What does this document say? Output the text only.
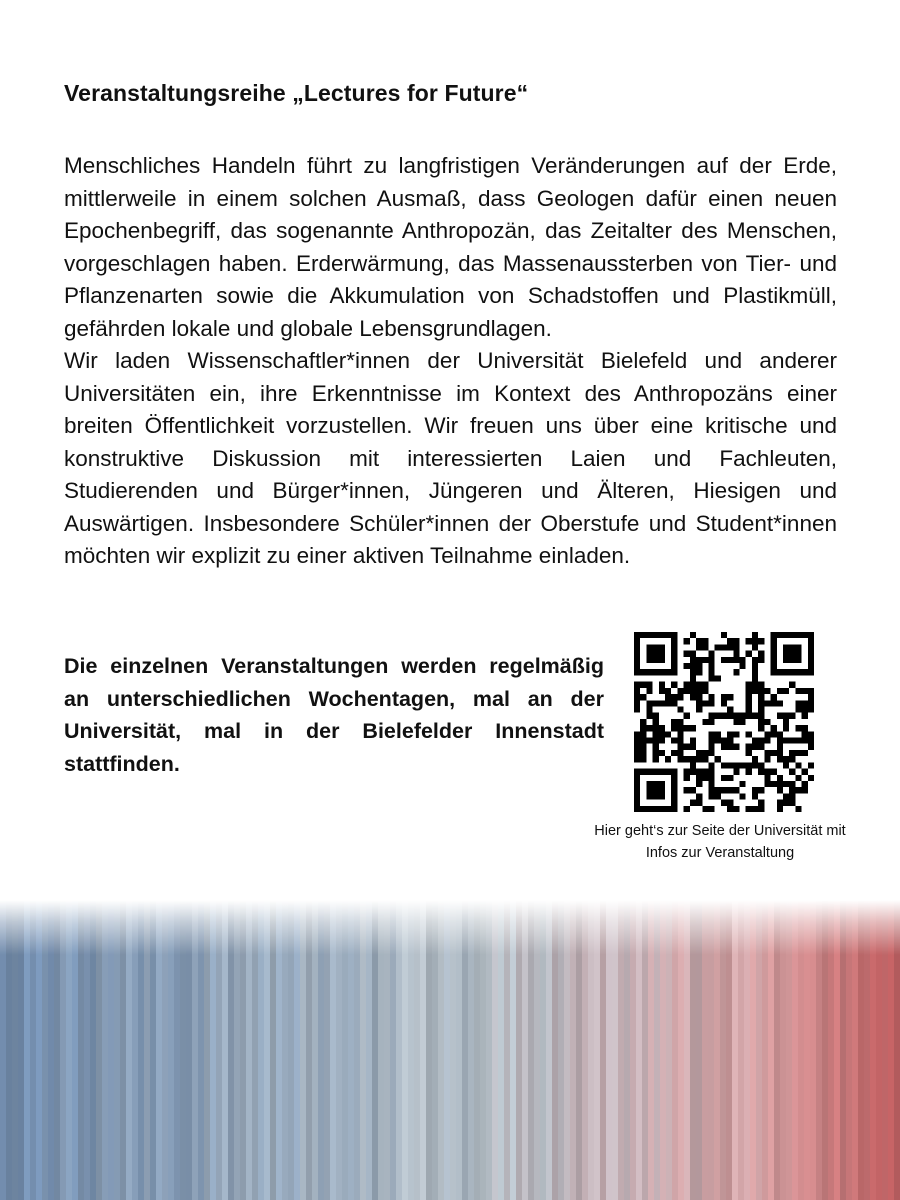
Veranstaltungsreihe „Lectures for Future“

Menschliches Handeln führt zu langfristigen Veränderungen auf der Erde, mittlerweile in einem solchen Ausmaß, dass Geologen dafür einen neuen Epochenbegriff, das sogenannte Anthropozän, das Zeitalter des Menschen, vorgeschlagen haben. Erderwärmung, das Massenaussterben von Tier- und Pflanzenarten sowie die Akkumulation von Schadstoffen und Plastikmüll, gefährden lokale und globale Lebensgrundlagen.

Wir laden Wissenschaftler*innen der Universität Bielefeld und anderer Universitäten ein, ihre Erkenntnisse im Kontext des Anthropozäns einer breiten Öffentlichkeit vorzustellen. Wir freuen uns über eine kritische und konstruktive Diskussion mit interessierten Laien und Fachleuten, Studierenden und Bürger*innen, Jüngeren und Älteren, Hiesigen und Auswärtigen. Insbesondere Schüler*innen der Oberstufe und Student*innen möchten wir explizit zu einer aktiven Teilnahme einladen.

Die einzelnen Veranstaltungen werden regelmäßig an unterschiedlichen Wochentagen, mal an der Universität, mal in der Bielefelder Innenstadt stattfinden.
Hier geht‘s zur Seite der Universität mit
Infos zur Veranstaltung
